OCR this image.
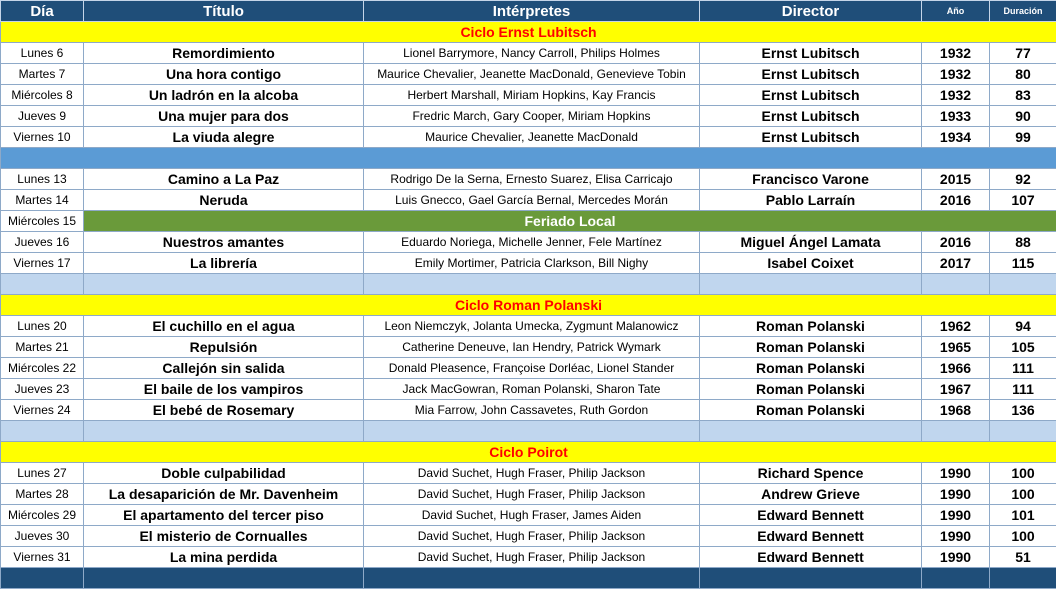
Día	Título	Intérpretes	Director	Año	Duración
Ciclo Ernst Lubitsch					
Lunes 6	Remordimiento	Lionel Barrymore, Nancy Carroll, Philips Holmes	Ernst Lubitsch	1932	77
Martes 7	Una hora contigo	Maurice Chevalier, Jeanette MacDonald, Genevieve Tobin	Ernst Lubitsch	1932	80
Miércoles 8	Un ladrón en la alcoba	Herbert Marshall, Miriam Hopkins, Kay Francis	Ernst Lubitsch	1932	83
Jueves 9	Una mujer para dos	Fredric March, Gary Cooper, Miriam Hopkins	Ernst Lubitsch	1933	90
Viernes 10	La viuda alegre	Maurice Chevalier, Jeanette MacDonald	Ernst Lubitsch	1934	99

Lunes 13	Camino a La Paz	Rodrigo De la Serna, Ernesto Suarez, Elisa Carricajo	Francisco Varone	2015	92
Martes 14	Neruda	Luis Gnecco, Gael García Bernal, Mercedes Morán	Pablo Larraín	2016	107
Miércoles 15	Feriado Local				
Jueves 16	Nuestros amantes	Eduardo Noriega, Michelle Jenner, Fele Martínez	Miguel Ángel Lamata	2016	88
Viernes 17	La librería	Emily Mortimer, Patricia Clarkson, Bill Nighy	Isabel Coixet	2017	115

Ciclo Roman Polanski					
Lunes 20	El cuchillo en el agua	Leon Niemczyk, Jolanta Umecka, Zygmunt Malanowicz	Roman Polanski	1962	94
Martes 21	Repulsión	Catherine Deneuve, Ian Hendry, Patrick Wymark	Roman Polanski	1965	105
Miércoles 22	Callejón sin salida	Donald Pleasence, Françoise Dorléac, Lionel Stander	Roman Polanski	1966	111
Jueves 23	El baile de los vampiros	Jack MacGowran, Roman Polanski, Sharon Tate	Roman Polanski	1967	111
Viernes 24	El bebé de Rosemary	Mia Farrow, John Cassavetes, Ruth Gordon	Roman Polanski	1968	136

Ciclo Poirot					
Lunes 27	Doble culpabilidad	David Suchet, Hugh Fraser, Philip Jackson	Richard Spence	1990	100
Martes 28	La desaparición de Mr. Davenheim	David Suchet, Hugh Fraser, Philip Jackson	Andrew Grieve	1990	100
Miércoles 29	El apartamento del tercer piso	David Suchet, Hugh Fraser, James Aiden	Edward Bennett	1990	101
Jueves 30	El misterio de Cornualles	David Suchet, Hugh Fraser, Philip Jackson	Edward Bennett	1990	100
Viernes 31	La mina perdida	David Suchet, Hugh Fraser, Philip Jackson	Edward Bennett	1990	51
